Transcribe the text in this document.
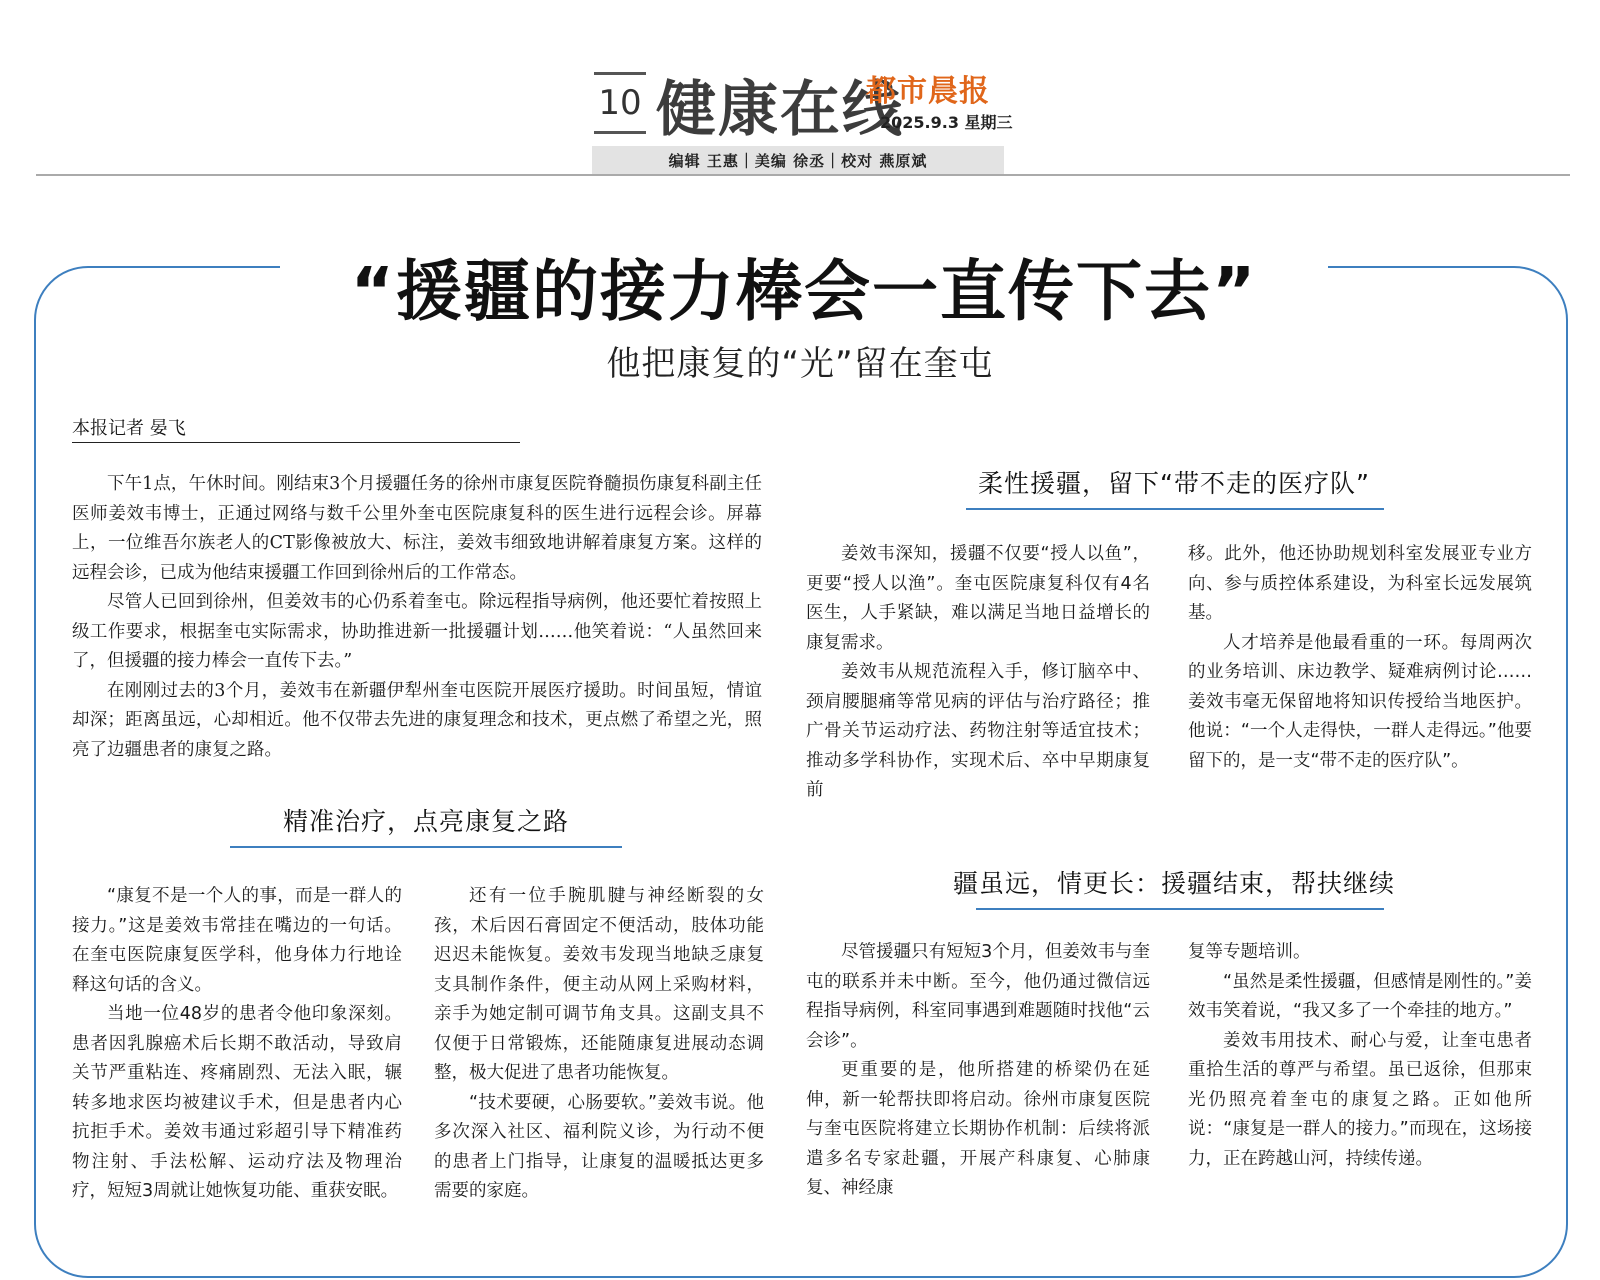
10 健康在线
都市晨报
2025.9.3 星期三
编辑 王惠｜美编 徐丞｜校对 燕原斌
“援疆的接力棒会一直传下去”
他把康复的“光”留在奎屯
本报记者 晏飞

下午1点，午休时间。刚结束3个月援疆任务的徐州市康复医院脊髓损伤康复科副主任医师姜效韦博士，正通过网络与数千公里外奎屯医院康复科的医生进行远程会诊。屏幕上，一位维吾尔族老人的CT影像被放大、标注，姜效韦细致地讲解着康复方案。这样的远程会诊，已成为他结束援疆工作回到徐州后的工作常态。

尽管人已回到徐州，但姜效韦的心仍系着奎屯。除远程指导病例，他还要忙着按照上级工作要求，根据奎屯实际需求，协助推进新一批援疆计划……他笑着说：“人虽然回来了，但援疆的接力棒会一直传下去。”

在刚刚过去的3个月，姜效韦在新疆伊犁州奎屯医院开展医疗援助。时间虽短，情谊却深；距离虽远，心却相近。他不仅带去先进的康复理念和技术，更点燃了希望之光，照亮了边疆患者的康复之路。

精准治疗，点亮康复之路

“康复不是一个人的事，而是一群人的接力。”这是姜效韦常挂在嘴边的一句话。在奎屯医院康复医学科，他身体力行地诠释这句话的含义。

当地一位48岁的患者令他印象深刻。患者因乳腺癌术后长期不敢活动，导致肩关节严重粘连、疼痛剧烈、无法入眠，辗转多地求医均被建议手术，但是患者内心抗拒手术。姜效韦通过彩超引导下精准药物注射、手法松解、运动疗法及物理治疗，短短3周就让她恢复功能、重获安眠。

还有一位手腕肌腱与神经断裂的女孩，术后因石膏固定不便活动，肢体功能迟迟未能恢复。姜效韦发现当地缺乏康复支具制作条件，便主动从网上采购材料，亲手为她定制可调节角支具。这副支具不仅便于日常锻炼，还能随康复进展动态调整，极大促进了患者功能恢复。

“技术要硬，心肠要软。”姜效韦说。他多次深入社区、福利院义诊，为行动不便的患者上门指导，让康复的温暖抵达更多需要的家庭。

柔性援疆，留下“带不走的医疗队”

姜效韦深知，援疆不仅要“授人以鱼”，更要“授人以渔”。奎屯医院康复科仅有4名医生，人手紧缺，难以满足当地日益增长的康复需求。

姜效韦从规范流程入手，修订脑卒中、颈肩腰腿痛等常见病的评估与治疗路径；推广骨关节运动疗法、药物注射等适宜技术；推动多学科协作，实现术后、卒中早期康复前

移。此外，他还协助规划科室发展亚专业方向、参与质控体系建设，为科室长远发展筑基。

人才培养是他最看重的一环。每周两次的业务培训、床边教学、疑难病例讨论……姜效韦毫无保留地将知识传授给当地医护。他说：“一个人走得快，一群人走得远。”他要留下的，是一支“带不走的医疗队”。

疆虽远，情更长：援疆结束，帮扶继续

尽管援疆只有短短3个月，但姜效韦与奎屯的联系并未中断。至今，他仍通过微信远程指导病例，科室同事遇到难题随时找他“云会诊”。

更重要的是，他所搭建的桥梁仍在延伸，新一轮帮扶即将启动。徐州市康复医院与奎屯医院将建立长期协作机制：后续将派遣多名专家赴疆，开展产科康复、心肺康复、神经康

复等专题培训。

“虽然是柔性援疆，但感情是刚性的。”姜效韦笑着说，“我又多了一个牵挂的地方。”

姜效韦用技术、耐心与爱，让奎屯患者重拾生活的尊严与希望。虽已返徐，但那束光仍照亮着奎屯的康复之路。正如他所说：“康复是一群人的接力。”而现在，这场接力，正在跨越山河，持续传递。
